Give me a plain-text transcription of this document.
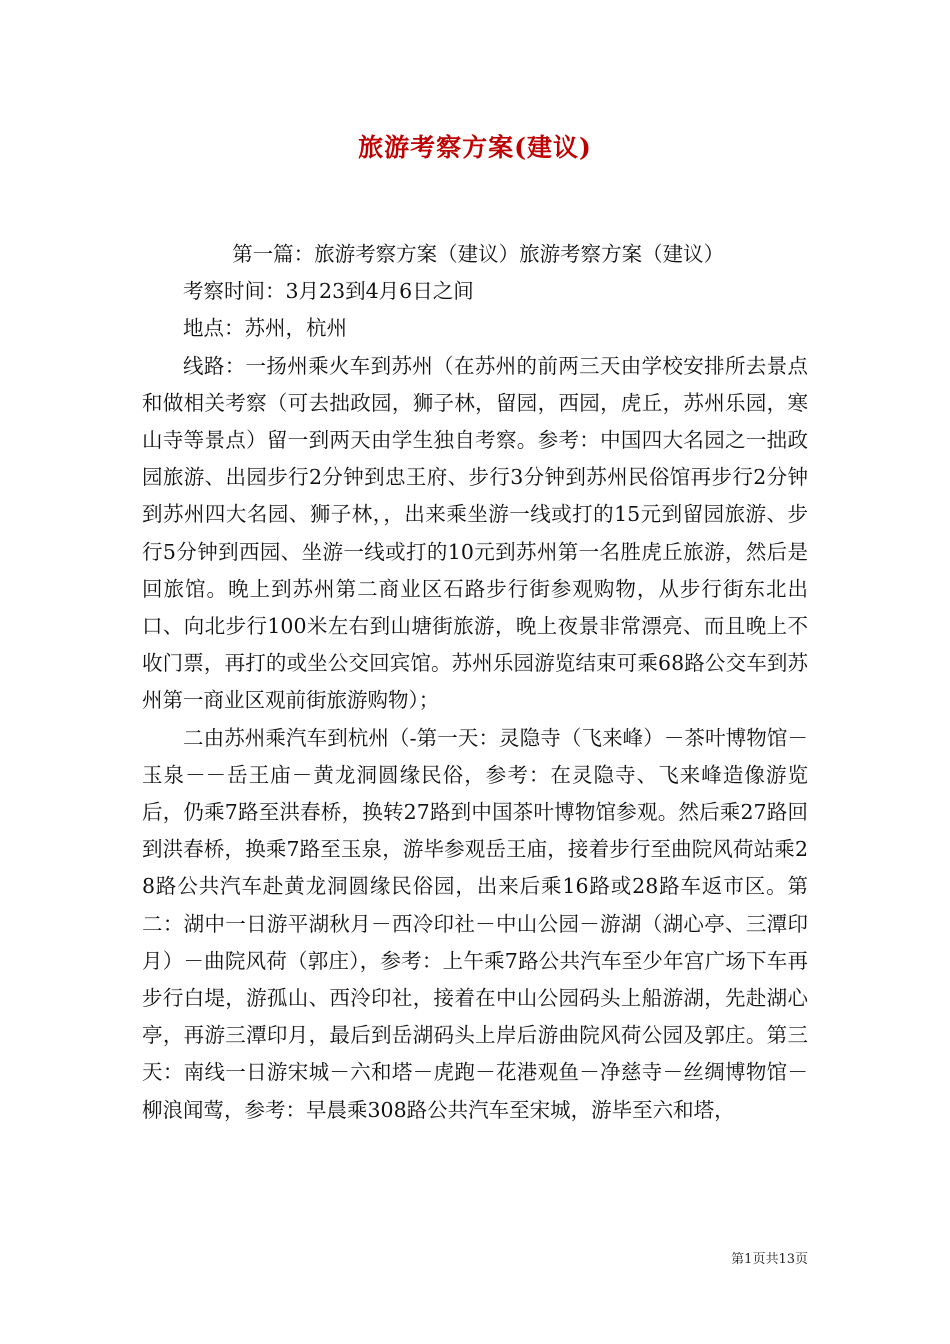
旅游考察方案(建议)

第一篇：旅游考察方案（建议）旅游考察方案（建议）

考察时间：3月23到4月6日之间

地点：苏州，杭州

线路：一扬州乘火车到苏州（在苏州的前两三天由学校安排所去景点和做相关考察（可去拙政园，狮子林，留园，西园，虎丘，苏州乐园，寒山寺等景点）留一到两天由学生独自考察。参考：中国四大名园之一拙政园旅游、出园步行2分钟到忠王府、步行3分钟到苏州民俗馆再步行2分钟到苏州四大名园、狮子林，，出来乘坐游一线或打的15元到留园旅游、步行5分钟到西园、坐游一线或打的10元到苏州第一名胜虎丘旅游，然后是回旅馆。晚上到苏州第二商业区石路步行街参观购物，从步行街东北出口、向北步行100米左右到山塘街旅游，晚上夜景非常漂亮、而且晚上不收门票，再打的或坐公交回宾馆。苏州乐园游览结束可乘68路公交车到苏州第一商业区观前街旅游购物）；

二由苏州乘汽车到杭州（-第一天：灵隐寺（飞来峰）－茶叶博物馆－玉泉－－岳王庙－黄龙洞圆缘民俗，参考：在灵隐寺、飞来峰造像游览后，仍乘7路至洪春桥，换转27路到中国茶叶博物馆参观。然后乘27路回到洪春桥，换乘7路至玉泉，游毕参观岳王庙，接着步行至曲院风荷站乘28路公共汽车赴黄龙洞圆缘民俗园，出来后乘16路或28路车返市区。第二：湖中一日游平湖秋月－西冷印社－中山公园－游湖（湖心亭、三潭印月）－曲院风荷（郭庄），参考：上午乘7路公共汽车至少年宫广场下车再步行白堤，游孤山、西泠印社，接着在中山公园码头上船游湖，先赴湖心亭，再游三潭印月，最后到岳湖码头上岸后游曲院风荷公园及郭庄。第三天：南线一日游宋城－六和塔－虎跑－花港观鱼－净慈寺－丝绸博物馆－柳浪闻莺，参考：早晨乘308路公共汽车至宋城，游毕至六和塔，

第1页共13页
